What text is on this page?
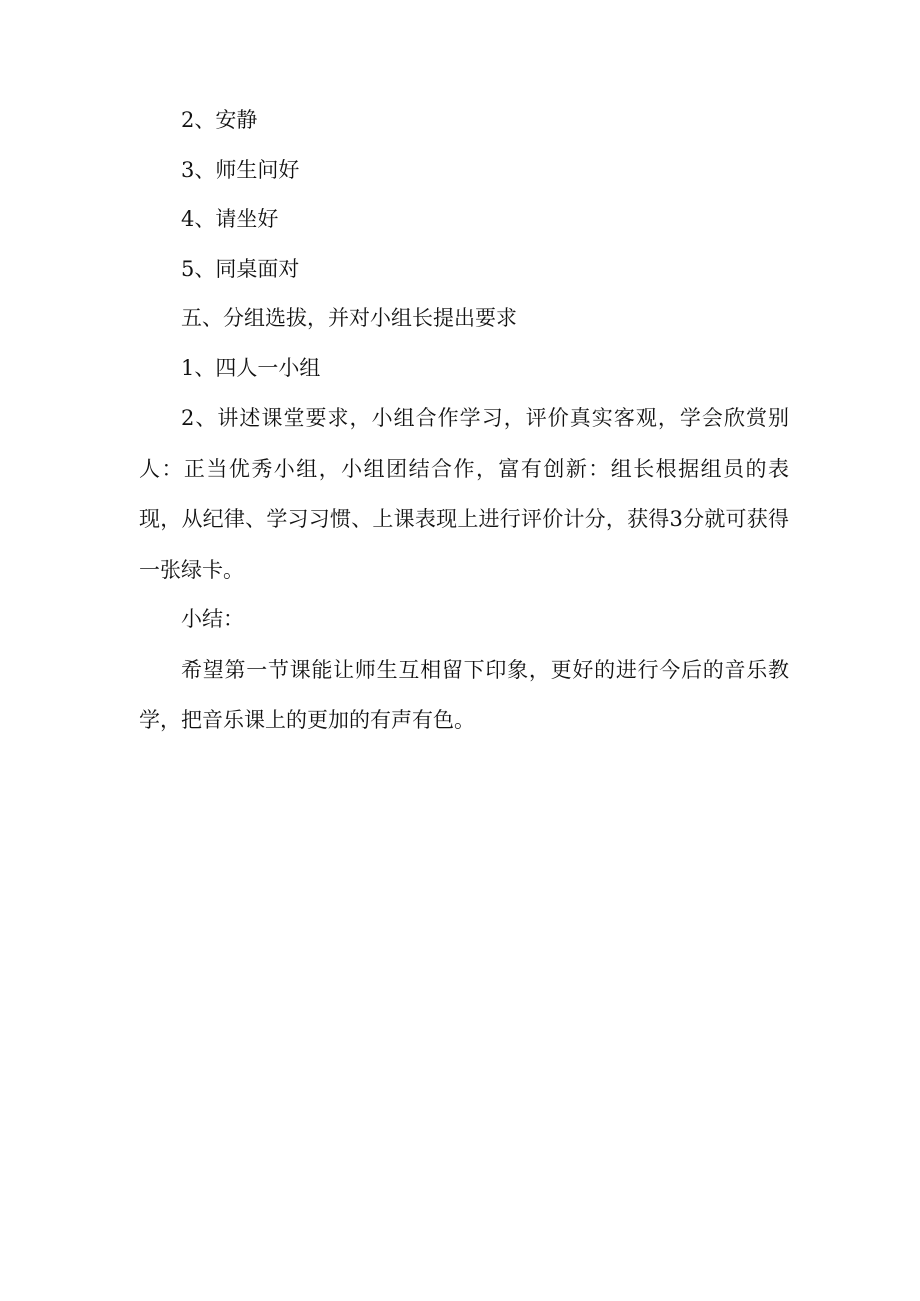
2、安静

3、师生问好

4、请坐好

5、同桌面对

五、分组选拔，并对小组长提出要求

1、四人一小组

2、讲述课堂要求，小组合作学习，评价真实客观，学会欣赏别人：正当优秀小组，小组团结合作，富有创新：组长根据组员的表现，从纪律、学习习惯、上课表现上进行评价计分，获得3分就可获得一张绿卡。

小结：

希望第一节课能让师生互相留下印象，更好的进行今后的音乐教学，把音乐课上的更加的有声有色。
